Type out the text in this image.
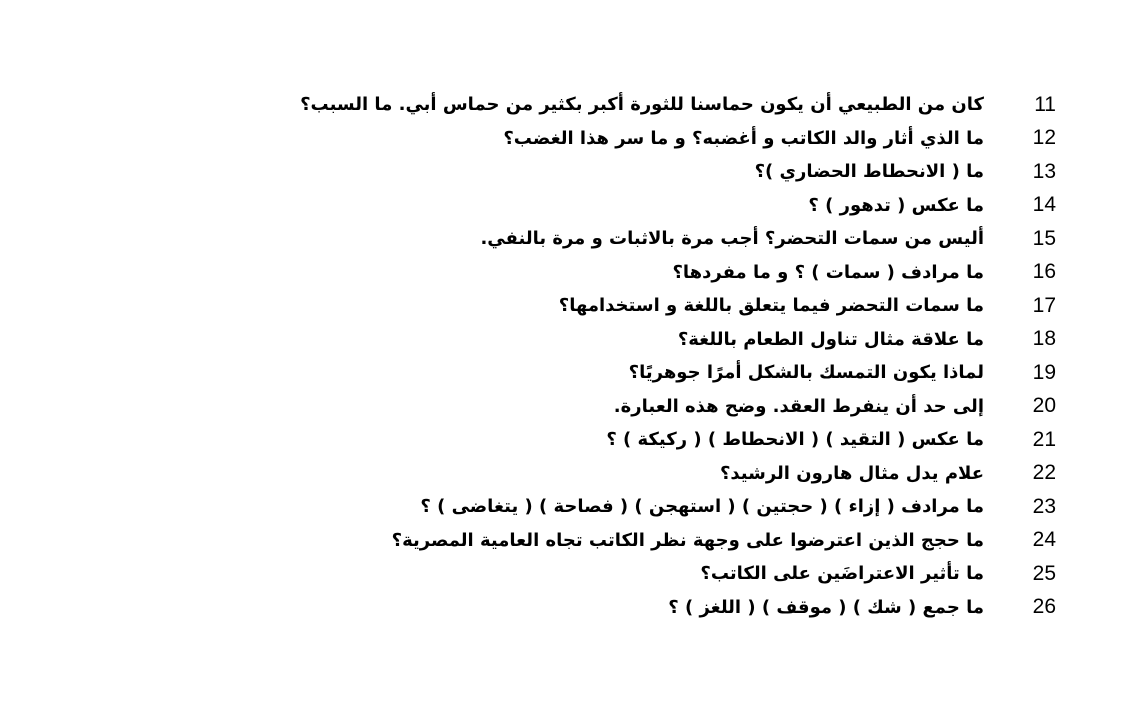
11
كان من الطبيعي أن يكون حماسنا للثورة أكبر بكثير من حماس أبي. ما السبب؟
12
ما الذي أثار والد الكاتب و أغضبه؟ و ما سر هذا الغضب؟
13
ما ( الانحطاط الحضاري )؟
14
ما عكس ( تدهور ) ؟
15
أليس من سمات التحضر؟ أجب مرة بالاثبات و مرة بالنفي.
16
ما مرادف ( سمات ) ؟ و ما مفردها؟
17
ما سمات التحضر فيما يتعلق باللغة و استخدامها؟
18
ما علاقة مثال تناول الطعام باللغة؟
19
لماذا يكون التمسك بالشكل أمرًا جوهريًا؟
20
إلى حد أن ينفرط العقد. وضح هذه العبارة.
21
ما عكس ( التقيد ) ( الانحطاط ) ( ركيكة ) ؟
22
علام يدل مثال هارون الرشيد؟
23
ما مرادف ( إزاء ) ( حجتين ) ( استهجن ) ( فصاحة ) ( يتغاضى ) ؟
24
ما حجج الذين اعترضوا على وجهة نظر الكاتب تجاه العامية المصرية؟
25
ما تأثير الاعتراضَين على الكاتب؟
26
ما جمع ( شك ) ( موقف ) ( اللغز ) ؟
